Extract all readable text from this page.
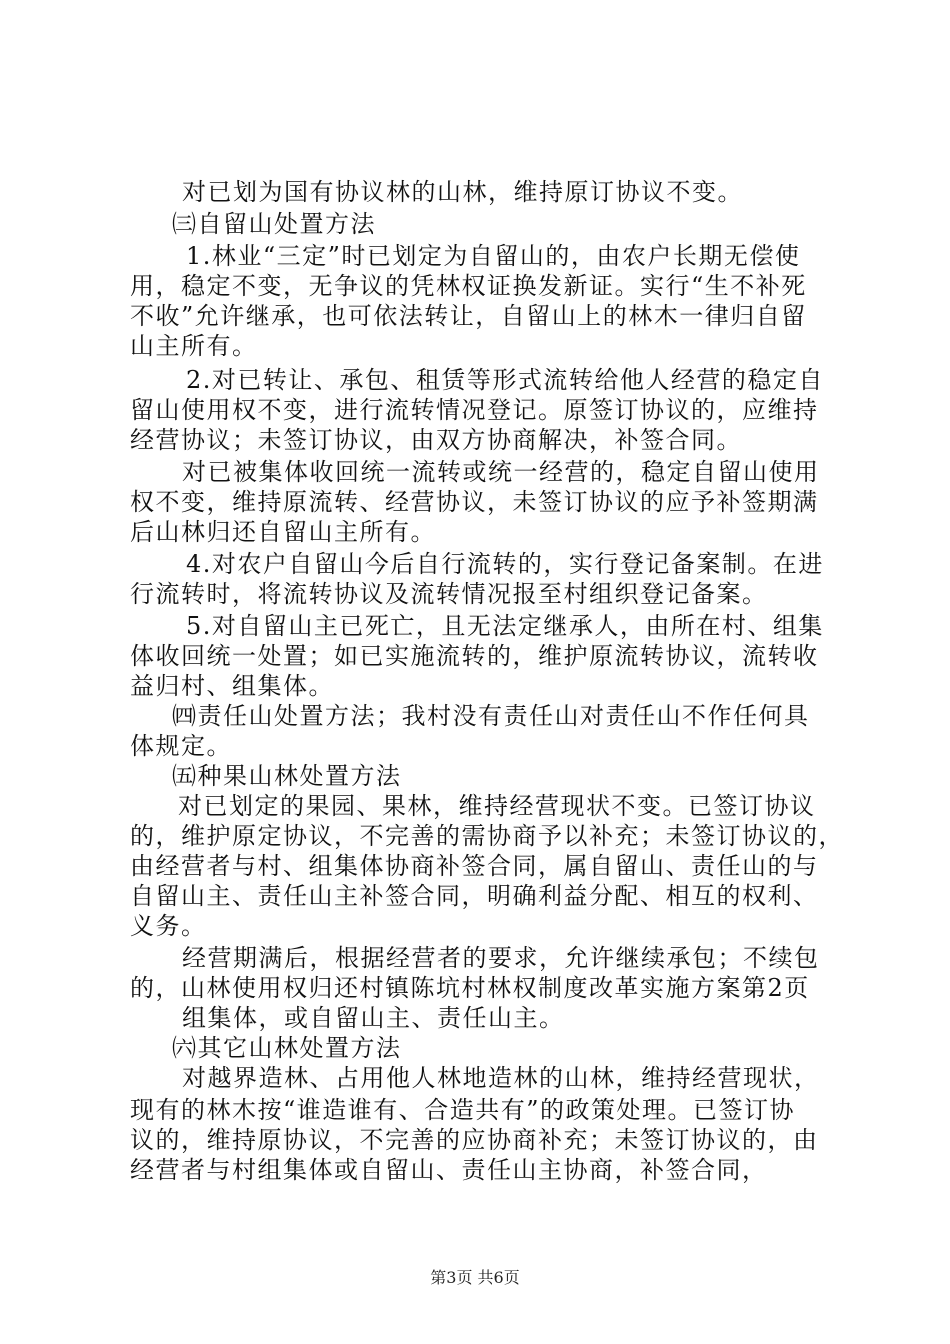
对已划为国有协议林的山林，维持原订协议不变。
㈢自留山处置方法
1.林业“三定”时已划定为自留山的，由农户长期无偿使
用，稳定不变，无争议的凭林权证换发新证。实行“生不补死
不收”允许继承，也可依法转让，自留山上的林木一律归自留
山主所有。
2.对已转让、承包、租赁等形式流转给他人经营的稳定自
留山使用权不变，进行流转情况登记。原签订协议的，应维持
经营协议；未签订协议，由双方协商解决，补签合同。
对已被集体收回统一流转或统一经营的，稳定自留山使用
权不变，维持原流转、经营协议，未签订协议的应予补签期满
后山林归还自留山主所有。
4.对农户自留山今后自行流转的，实行登记备案制。在进
行流转时，将流转协议及流转情况报至村组织登记备案。
5.对自留山主已死亡，且无法定继承人，由所在村、组集
体收回统一处置；如已实施流转的，维护原流转协议，流转收
益归村、组集体。
㈣责任山处置方法；我村没有责任山对责任山不作任何具
体规定。
㈤种果山林处置方法
对已划定的果园、果林，维持经营现状不变。已签订协议
的，维护原定协议，不完善的需协商予以补充；未签订协议的，
由经营者与村、组集体协商补签合同，属自留山、责任山的与
自留山主、责任山主补签合同，明确利益分配、相互的权利、
义务。
经营期满后，根据经营者的要求，允许继续承包；不续包
的，山林使用权归还村镇陈坑村林权制度改革实施方案第2页
组集体，或自留山主、责任山主。
㈥其它山林处置方法
对越界造林、占用他人林地造林的山林，维持经营现状，
现有的林木按“谁造谁有、合造共有”的政策处理。已签订协
议的，维持原协议，不完善的应协商补充；未签订协议的，由
经营者与村组集体或自留山、责任山主协商，补签合同，
第3页 共6页
